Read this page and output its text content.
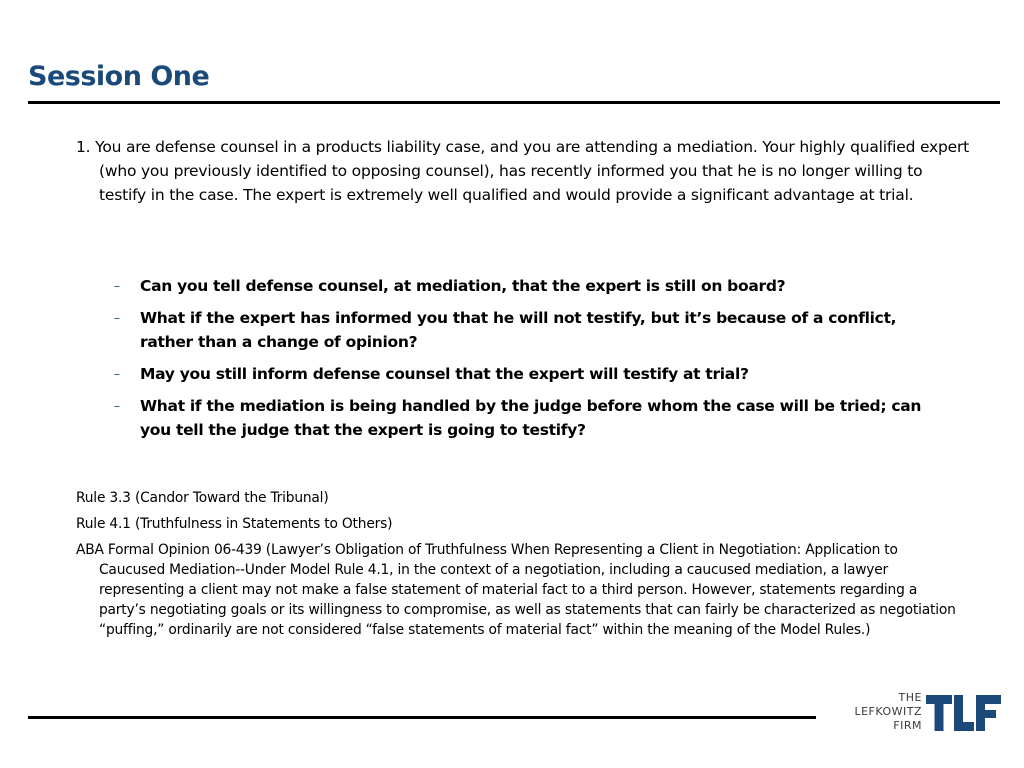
Session One
1. You are defense counsel in a products liability case, and you are attending a mediation. Your highly qualified expert (who you previously identified to opposing counsel), has recently informed you that he is no longer willing to testify in the case. The expert is extremely well qualified and would provide a significant advantage at trial.
– Can you tell defense counsel, at mediation, that the expert is still on board?
– What if the expert has informed you that he will not testify, but it’s because of a conflict, rather than a change of opinion?
– May you still inform defense counsel that the expert will testify at trial?
– What if the mediation is being handled by the judge before whom the case will be tried; can you tell the judge that the expert is going to testify?

Rule 3.3 (Candor Toward the Tribunal)

Rule 4.1 (Truthfulness in Statements to Others)

ABA Formal Opinion 06-439 (Lawyer’s Obligation of Truthfulness When Representing a Client in Negotiation: Application to Caucused Mediation--Under Model Rule 4.1, in the context of a negotiation, including a caucused mediation, a lawyer representing a client may not make a false statement of material fact to a third person. However, statements regarding a party’s negotiating goals or its willingness to compromise, as well as statements that can fairly be characterized as negotiation “puffing,” ordinarily are not considered “false statements of material fact” within the meaning of the Model Rules.)

THE
LEFKOWITZ
FIRM
